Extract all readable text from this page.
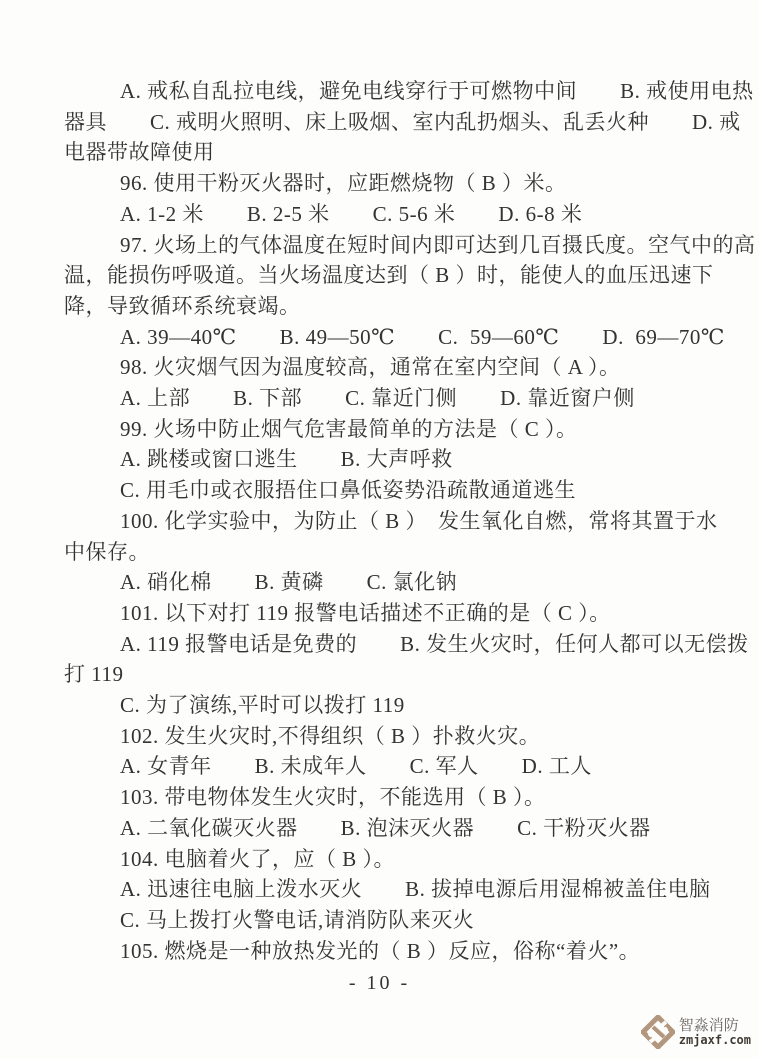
A. 戒私自乱拉电线，避免电线穿行于可燃物中间　　B. 戒使用电热
器具　　C. 戒明火照明、床上吸烟、室内乱扔烟头、乱丢火种　　D. 戒
电器带故障使用
96. 使用干粉灭火器时，应距燃烧物（ B ）米。
A. 1-2 米　　B. 2-5 米　　C. 5-6 米　　D. 6-8 米
97. 火场上的气体温度在短时间内即可达到几百摄氏度。空气中的高
温，能损伤呼吸道。当火场温度达到（ B ）时，能使人的血压迅速下
降，导致循环系统衰竭。
A. 39—40℃　　B. 49—50℃　　C.  59—60℃　　D.  69—70℃
98. 火灾烟气因为温度较高，通常在室内空间（ A ）。
A. 上部　　B. 下部　　C. 靠近门侧　　D. 靠近窗户侧
99. 火场中防止烟气危害最简单的方法是（ C ）。
A. 跳楼或窗口逃生　　B. 大声呼救
C. 用毛巾或衣服捂住口鼻低姿势沿疏散通道逃生
100. 化学实验中，为防止（ B ）　发生氧化自燃，常将其置于水
中保存。
A. 硝化棉　　B. 黄磷　　C. 氯化钠
101. 以下对打 119 报警电话描述不正确的是（ C ）。
A. 119 报警电话是免费的　　B. 发生火灾时，任何人都可以无偿拨
打 119
C. 为了演练,平时可以拨打 119
102. 发生火灾时,不得组织（ B ）扑救火灾。
A. 女青年　　B. 未成年人　　C. 军人　　D. 工人
103. 带电物体发生火灾时，不能选用（ B ）。
A. 二氧化碳灭火器　　B. 泡沫灭火器　　C. 干粉灭火器
104. 电脑着火了，应（ B ）。
A. 迅速往电脑上泼水灭火　　B. 拔掉电源后用湿棉被盖住电脑
C. 马上拨打火警电话,请消防队来灭火
105. 燃烧是一种放热发光的（ B ）反应，俗称“着火”。
- 10 -
智淼消防
zmjaxf.com
